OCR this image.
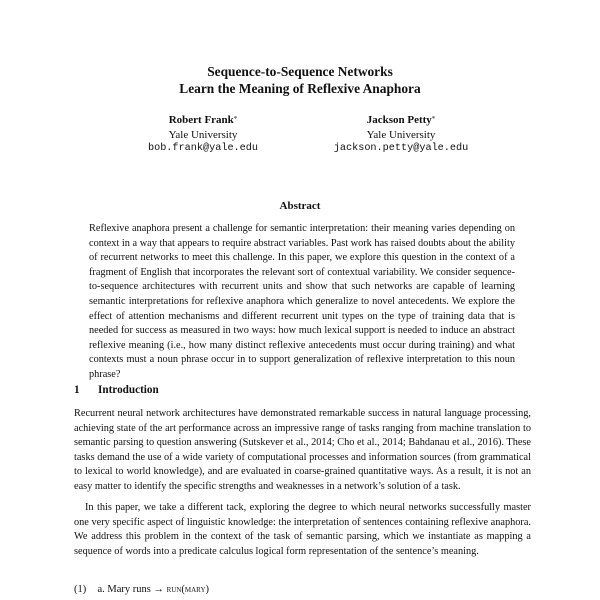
Sequence-to-Sequence Networks
Learn the Meaning of Reflexive Anaphora
Robert Frank*
Yale University
bob.frank@yale.edu
Jackson Petty*
Yale University
jackson.petty@yale.edu
Abstract
Reflexive anaphora present a challenge for semantic interpretation: their meaning varies depending on context in a way that appears to require abstract variables. Past work has raised doubts about the ability of recurrent networks to meet this challenge. In this paper, we explore this question in the context of a fragment of English that incorporates the relevant sort of contextual variability. We consider sequence-to-sequence architectures with recurrent units and show that such networks are capable of learning semantic interpretations for reflexive anaphora which generalize to novel antecedents. We explore the effect of attention mechanisms and different recurrent unit types on the type of training data that is needed for success as measured in two ways: how much lexical support is needed to induce an abstract reflexive meaning (i.e., how many distinct reflexive antecedents must occur during training) and what contexts must a noun phrase occur in to support generalization of reflexive interpretation to this noun phrase?
1 Introduction
Recurrent neural network architectures have demonstrated remarkable success in natural language processing, achieving state of the art performance across an impressive range of tasks ranging from machine translation to semantic parsing to question answering (Sutskever et al., 2014; Cho et al., 2014; Bahdanau et al., 2016). These tasks demand the use of a wide variety of computational processes and information sources (from grammatical to lexical to world knowledge), and are evaluated in coarse-grained quantitative ways. As a result, it is not an easy matter to identify the specific strengths and weaknesses in a network’s solution of a task.
In this paper, we take a different tack, exploring the degree to which neural networks successfully master one very specific aspect of linguistic knowledge: the interpretation of sentences containing reflexive anaphora. We address this problem in the context of the task of semantic parsing, which we instantiate as mapping a sequence of words into a predicate calculus logical form representation of the sentence’s meaning.
(1) a. Mary runs → run(mary)
